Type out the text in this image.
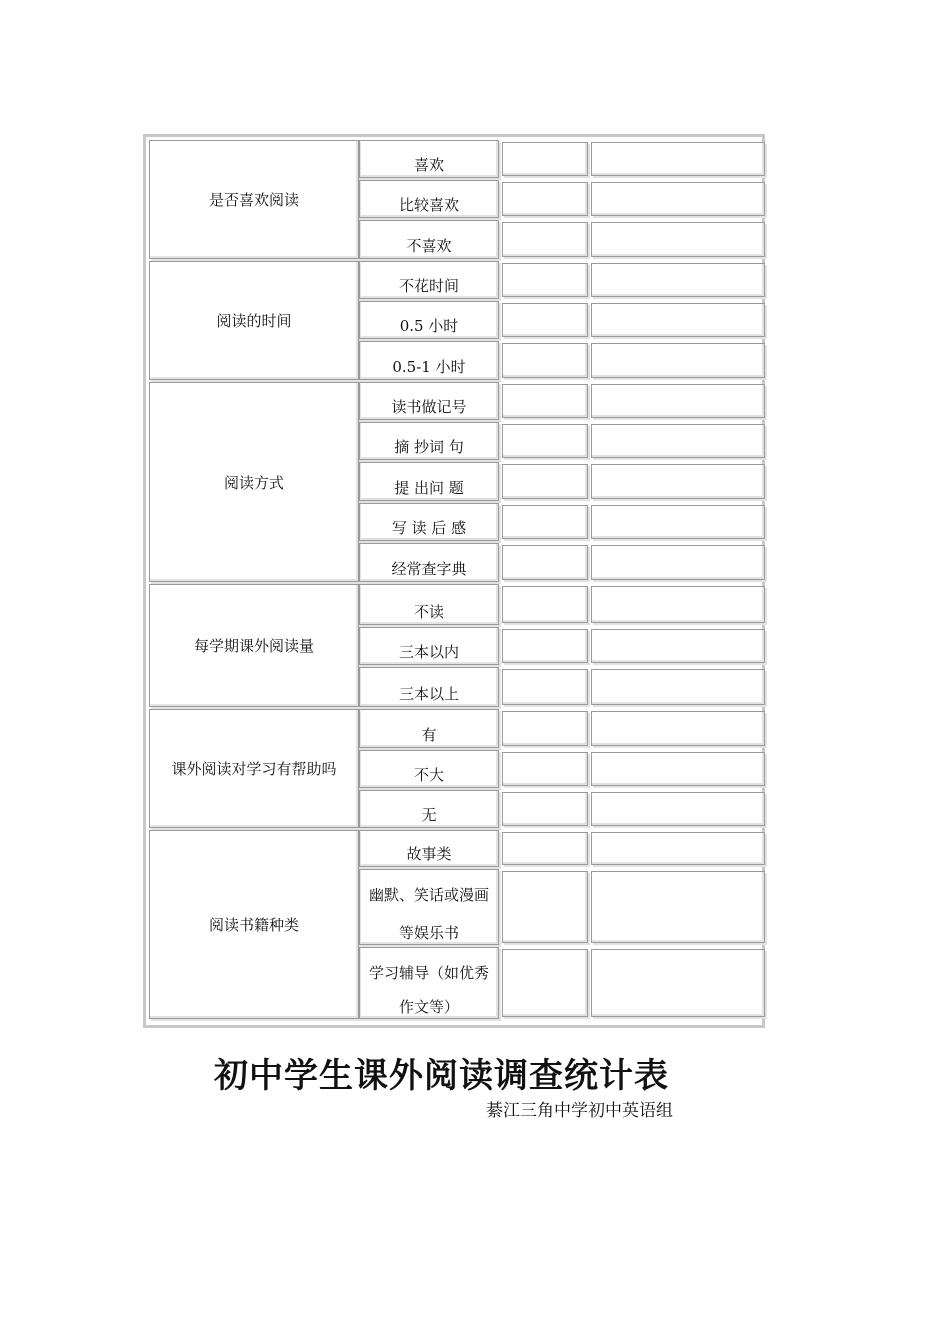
是否喜欢阅读
喜欢
比较喜欢
不喜欢
阅读的时间
不花时间
0.5 小时
0.5-1 小时
阅读方式
读书做记号
摘 抄词 句
提 出问 题
写 读 后 感
经常查字典
每学期课外阅读量
不读
三本以内
三本以上
课外阅读对学习有帮助吗
有
不大
无
阅读书籍种类
故事类
幽默、笑话或漫画
等娱乐书
学习辅导（如优秀
作文等）
初中学生课外阅读调查统计表
綦江三角中学初中英语组
